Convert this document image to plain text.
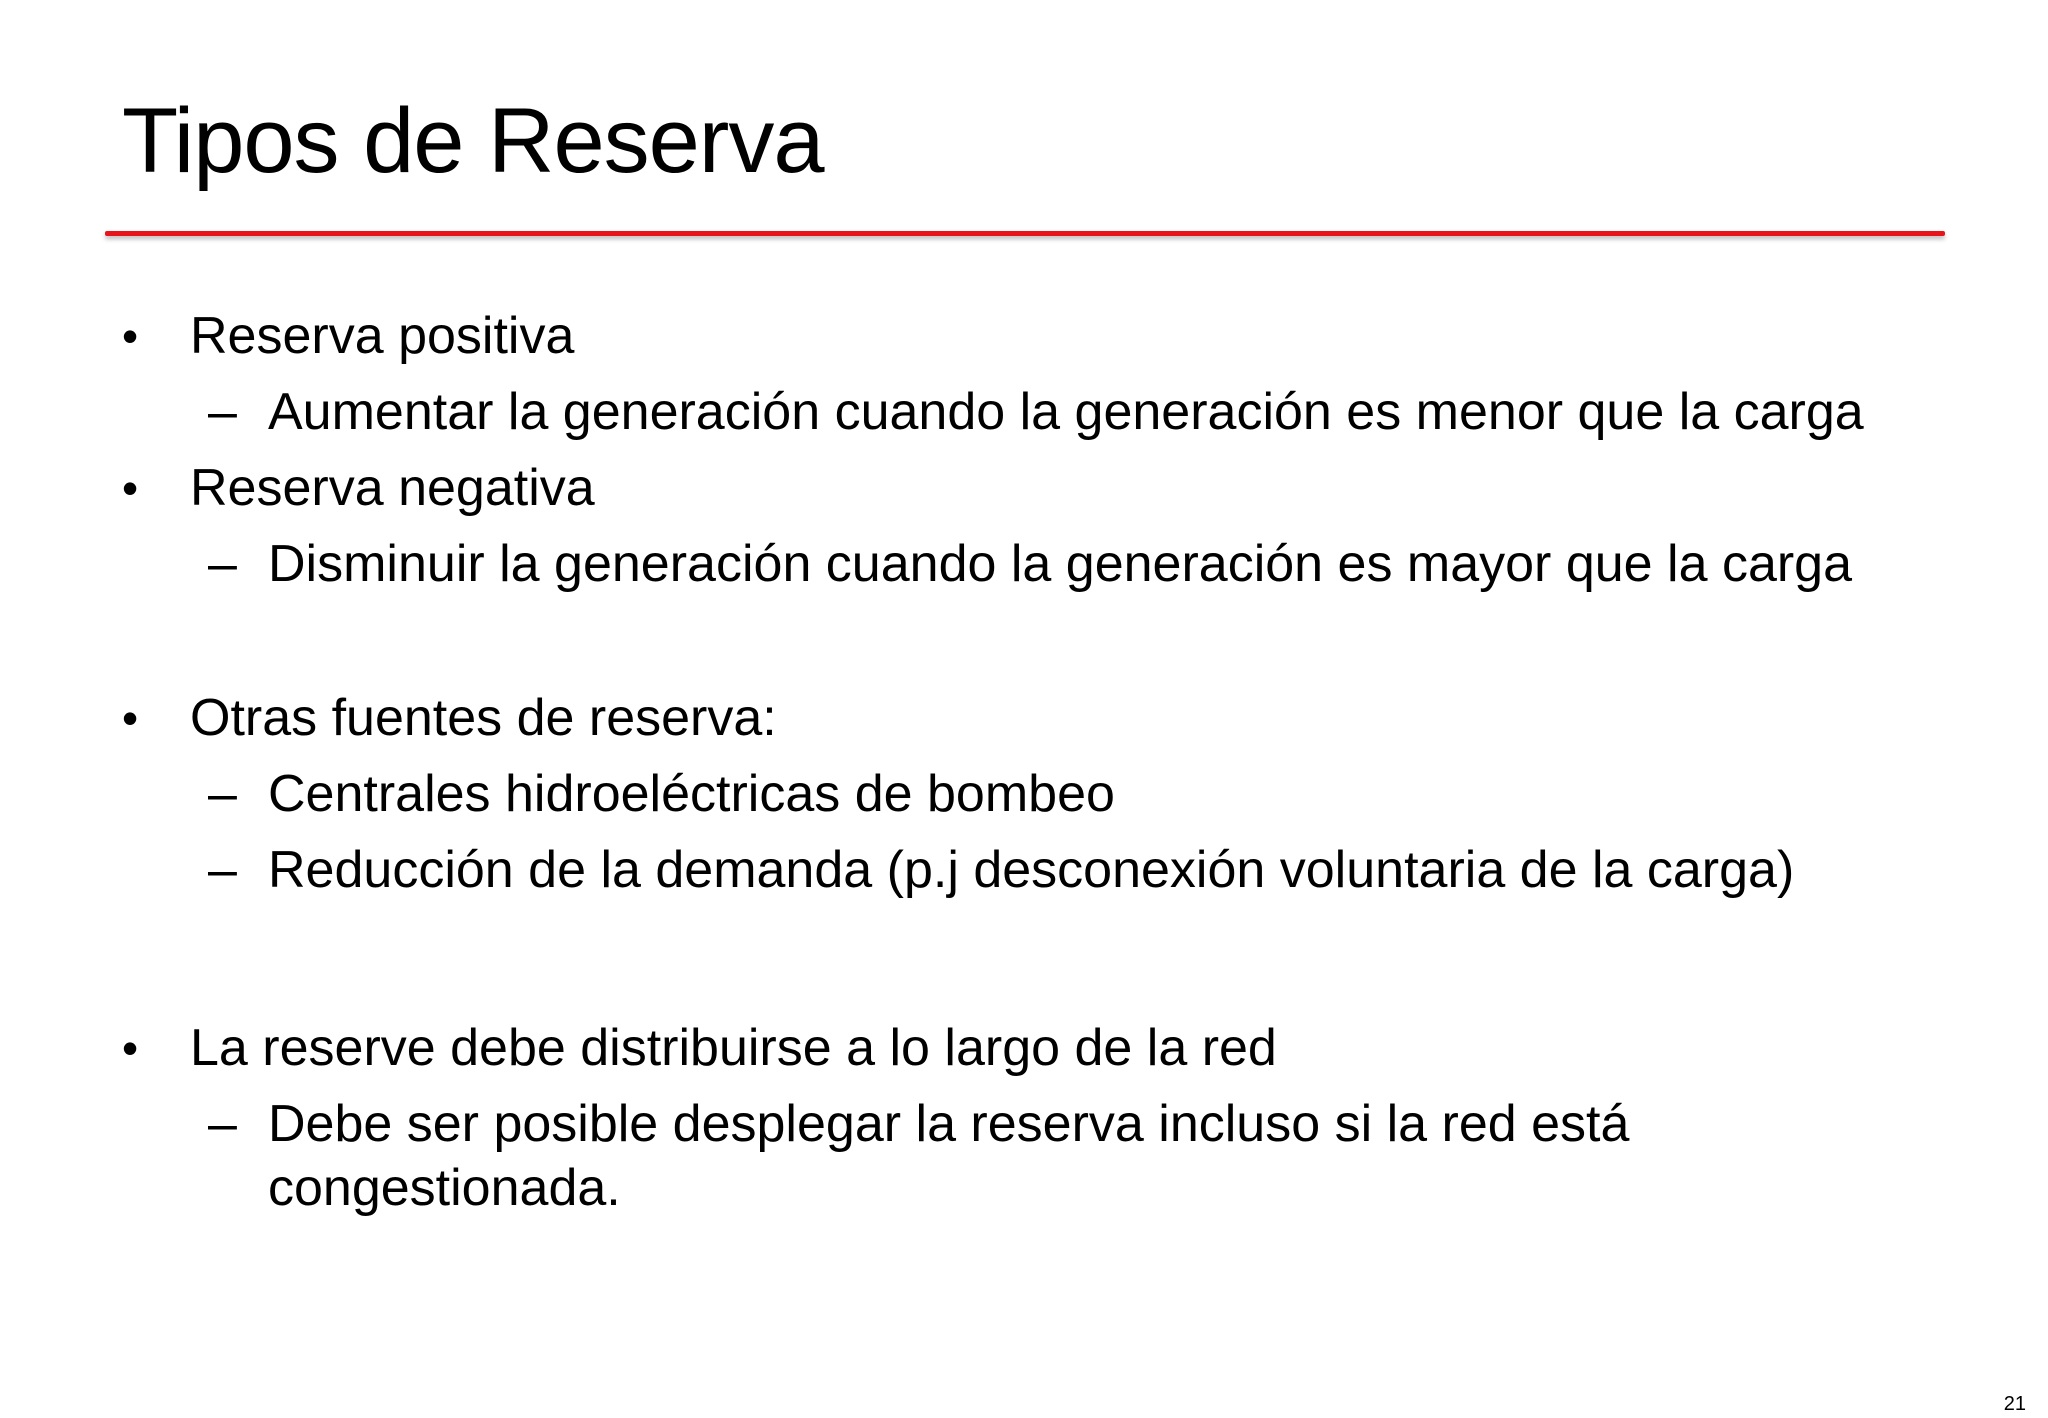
Tipos de Reserva
• Reserva positiva
– Aumentar la generación cuando la generación es menor que la carga
• Reserva negativa
– Disminuir la generación cuando la generación es mayor que la carga
• Otras fuentes de reserva:
– Centrales hidroeléctricas de bombeo
– Reducción de la demanda (p.j desconexión voluntaria de la carga)
• La reserve debe distribuirse a lo largo de la red
– Debe ser posible desplegar la reserva incluso si la red está
congestionada.
21
